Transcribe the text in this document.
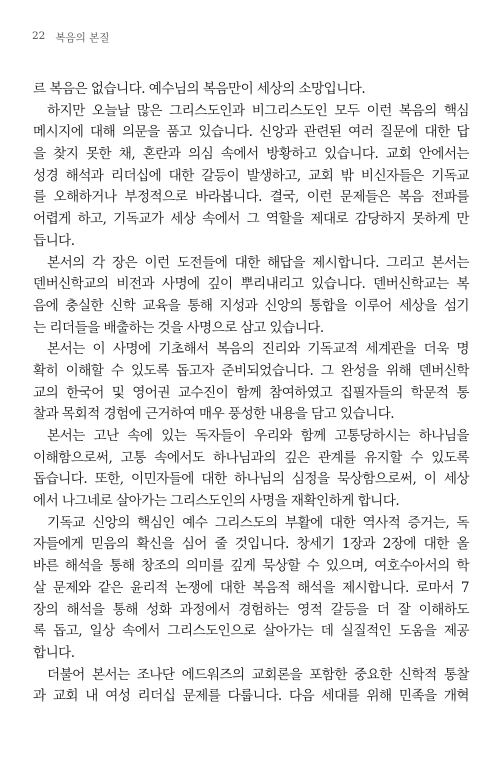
22 복음의 본질
르 복음은 없습니다. 예수님의 복음만이 세상의 소망입니다.
하지만 오늘날 많은 그리스도인과 비그리스도인 모두 이런 복음의 핵심
메시지에 대해 의문을 품고 있습니다. 신앙과 관련된 여러 질문에 대한 답
을 찾지 못한 채, 혼란과 의심 속에서 방황하고 있습니다. 교회 안에서는
성경 해석과 리더십에 대한 갈등이 발생하고, 교회 밖 비신자들은 기독교
를 오해하거나 부정적으로 바라봅니다. 결국, 이런 문제들은 복음 전파를
어렵게 하고, 기독교가 세상 속에서 그 역할을 제대로 감당하지 못하게 만
듭니다.
본서의 각 장은 이런 도전들에 대한 해답을 제시합니다. 그리고 본서는
덴버신학교의 비전과 사명에 깊이 뿌리내리고 있습니다. 덴버신학교는 복
음에 충실한 신학 교육을 통해 지성과 신앙의 통합을 이루어 세상을 섬기
는 리더들을 배출하는 것을 사명으로 삼고 있습니다.
본서는 이 사명에 기초해서 복음의 진리와 기독교적 세계관을 더욱 명
확히 이해할 수 있도록 돕고자 준비되었습니다. 그 완성을 위해 덴버신학
교의 한국어 및 영어권 교수진이 함께 참여하였고 집필자들의 학문적 통
찰과 목회적 경험에 근거하여 매우 풍성한 내용을 담고 있습니다.
본서는 고난 속에 있는 독자들이 우리와 함께 고통당하시는 하나님을
이해함으로써, 고통 속에서도 하나님과의 깊은 관계를 유지할 수 있도록
돕습니다. 또한, 이민자들에 대한 하나님의 심정을 묵상함으로써, 이 세상
에서 나그네로 살아가는 그리스도인의 사명을 재확인하게 합니다.
기독교 신앙의 핵심인 예수 그리스도의 부활에 대한 역사적 증거는, 독
자들에게 믿음의 확신을 심어 줄 것입니다. 창세기 1장과 2장에 대한 올
바른 해석을 통해 창조의 의미를 깊게 묵상할 수 있으며, 여호수아서의 학
살 문제와 같은 윤리적 논쟁에 대한 복음적 해석을 제시합니다. 로마서 7
장의 해석을 통해 성화 과정에서 경험하는 영적 갈등을 더 잘 이해하도
록 돕고, 일상 속에서 그리스도인으로 살아가는 데 실질적인 도움을 제공
합니다.
더불어 본서는 조나단 에드워즈의 교회론을 포함한 중요한 신학적 통찰
과 교회 내 여성 리더십 문제를 다룹니다. 다음 세대를 위해 민족을 개혁
